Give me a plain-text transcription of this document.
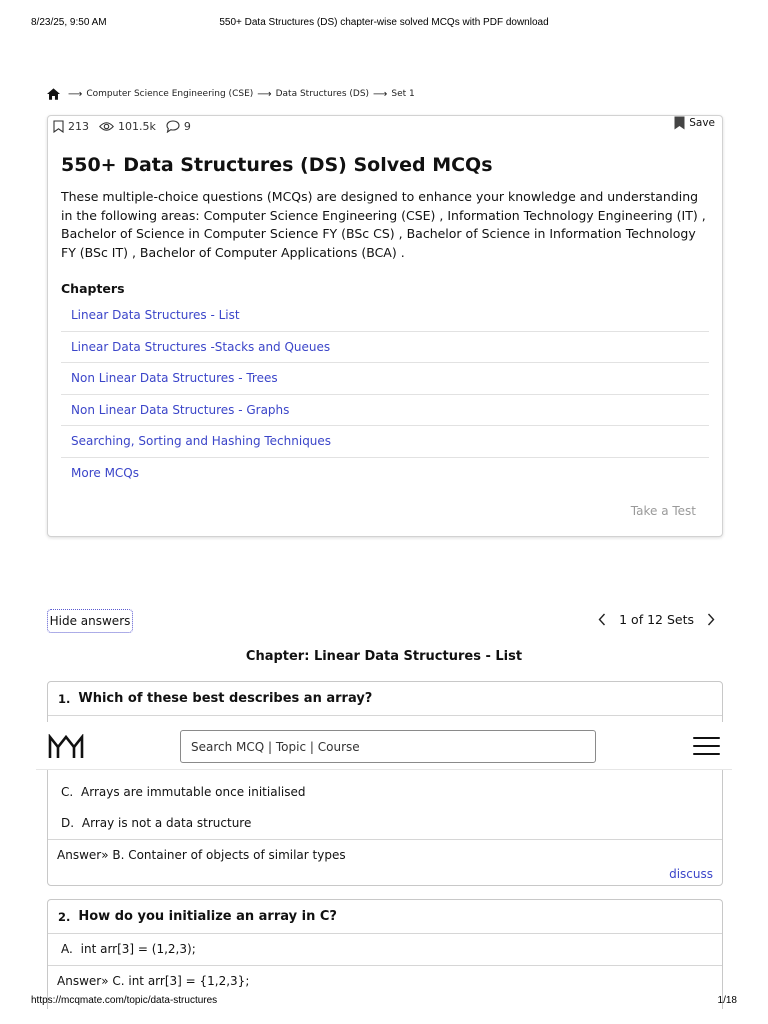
8/23/25, 9:50 AM	550+ Data Structures (DS) chapter-wise solved MCQs with PDF download
⟶ Computer Science Engineering (CSE) ⟶ Data Structures (DS) ⟶ Set 1
213	101.5k	9	Save
550+ Data Structures (DS) Solved MCQs

These multiple-choice questions (MCQs) are designed to enhance your knowledge and understanding in the following areas: Computer Science Engineering (CSE) , Information Technology Engineering (IT) , Bachelor of Science in Computer Science FY (BSc CS) , Bachelor of Science in Information Technology FY (BSc IT) , Bachelor of Computer Applications (BCA) .

Chapters
Linear Data Structures - List
Linear Data Structures -Stacks and Queues
Non Linear Data Structures - Trees
Non Linear Data Structures - Graphs
Searching, Sorting and Hashing Techniques
More MCQs
Take a Test
Hide answers	1 of 12 Sets
Chapter: Linear Data Structures - List
1. Which of these best describes an array?
C. Arrays are immutable once initialised
D. Array is not a data structure
Answer» B. Container of objects of similar types
discuss
2. How do you initialize an array in C?
A. int arr[3] = (1,2,3);
Answer» C. int arr[3] = {1,2,3};
Search MCQ | Topic | Course
https://mcqmate.com/topic/data-structures	1/18
